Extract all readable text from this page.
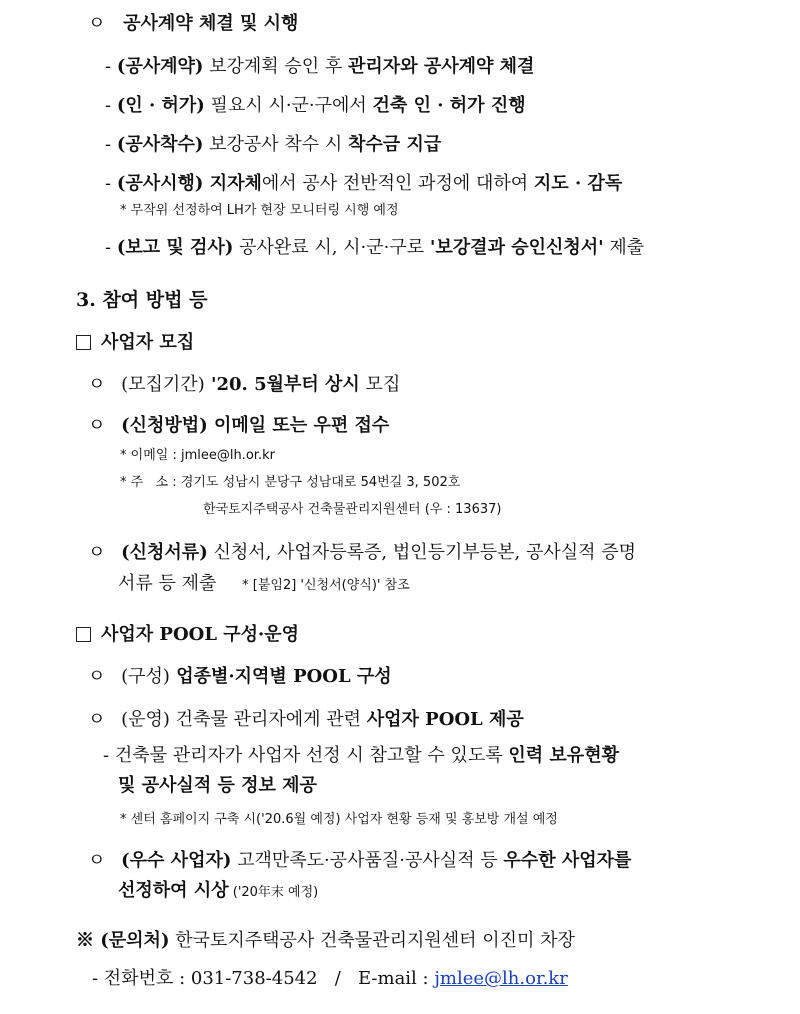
ㅇ 공사계약 체결 및 시행
- (공사계약) 보강계획 승인 후 관리자와 공사계약 체결
- (인 · 허가) 필요시 시·군·구에서 건축 인 · 허가 진행
- (공사착수) 보강공사 착수 시 착수금 지급
- (공사시행) 지자체에서 공사 전반적인 과정에 대하여 지도 · 감독
* 무작위 선정하여 LH가 현장 모니터링 시행 예정
- (보고 및 검사) 공사완료 시, 시·군·구로 '보강결과 승인신청서' 제출
3. 참여 방법 등
사업자 모집
ㅇ (모집기간) '20. 5월부터 상시 모집
ㅇ (신청방법) 이메일 또는 우편 접수
* 이메일 : jmlee@lh.or.kr
* 주   소 : 경기도 성남시 분당구 성남대로 54번길 3, 502호
한국토지주택공사 건축물관리지원센터 (우 : 13637)
ㅇ (신청서류) 신청서, 사업자등록증, 법인등기부등본, 공사실적 증명
서류 등 제출 * [붙임2] '신청서(양식)' 참조
사업자 POOL 구성·운영
ㅇ (구성) 업종별·지역별 POOL 구성
ㅇ (운영) 건축물 관리자에게 관련 사업자 POOL 제공
- 건축물 관리자가 사업자 선정 시 참고할 수 있도록 인력 보유현황
및 공사실적 등 정보 제공
* 센터 홈페이지 구축 시('20.6월 예정) 사업자 현황 등재 및 홍보방 개설 예정
ㅇ (우수 사업자) 고객만족도·공사품질·공사실적 등 우수한 사업자를
선정하여 시상 ('20年末 예정)
※ (문의처) 한국토지주택공사 건축물관리지원센터 이진미 차장
- 전화번호 : 031-738-4542   /   E-mail : jmlee@lh.or.kr
